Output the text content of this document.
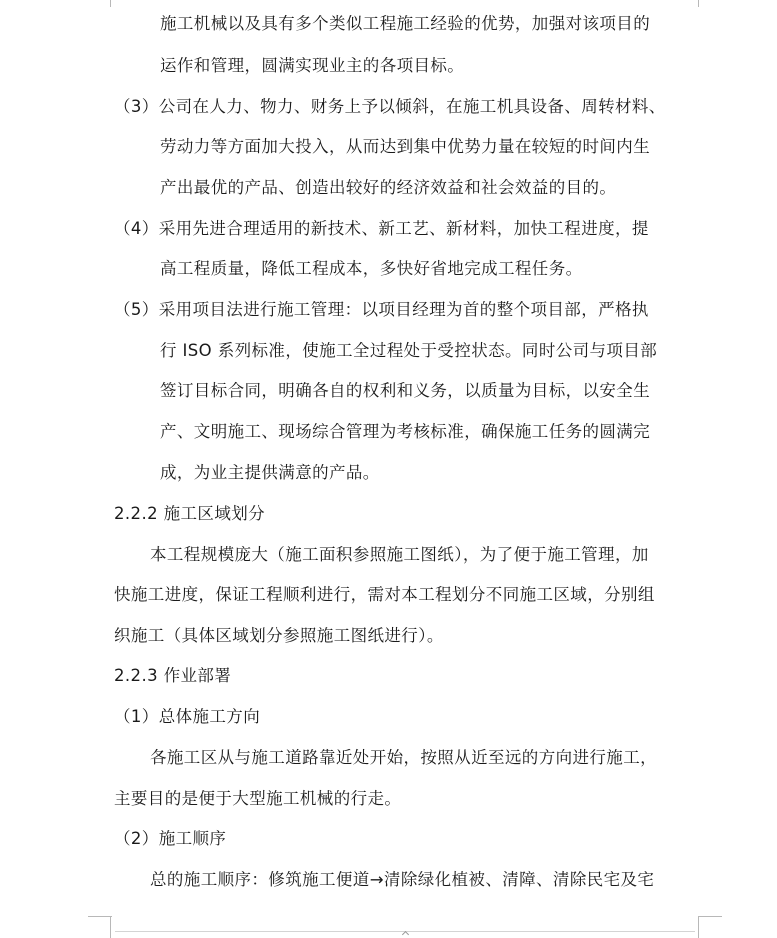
施工机械以及具有多个类似工程施工经验的优势，加强对该项目的
运作和管理，圆满实现业主的各项目标。
（3）公司在人力、物力、财务上予以倾斜，在施工机具设备、周转材料、
劳动力等方面加大投入，从而达到集中优势力量在较短的时间内生
产出最优的产品、创造出较好的经济效益和社会效益的目的。
（4）采用先进合理适用的新技术、新工艺、新材料，加快工程进度，提
高工程质量，降低工程成本，多快好省地完成工程任务。
（5）采用项目法进行施工管理：以项目经理为首的整个项目部，严格执
行 ISO 系列标准，使施工全过程处于受控状态。同时公司与项目部
签订目标合同，明确各自的权利和义务，以质量为目标，以安全生
产、文明施工、现场综合管理为考核标准，确保施工任务的圆满完
成，为业主提供满意的产品。
2.2.2 施工区域划分
本工程规模庞大（施工面积参照施工图纸），为了便于施工管理，加
快施工进度，保证工程顺利进行，需对本工程划分不同施工区域，分别组
织施工（具体区域划分参照施工图纸进行）。
2.2.3 作业部署
（1）总体施工方向
各施工区从与施工道路靠近处开始，按照从近至远的方向进行施工，
主要目的是便于大型施工机械的行走。
（2）施工顺序
总的施工顺序：修筑施工便道→清除绿化植被、清障、清除民宅及宅
